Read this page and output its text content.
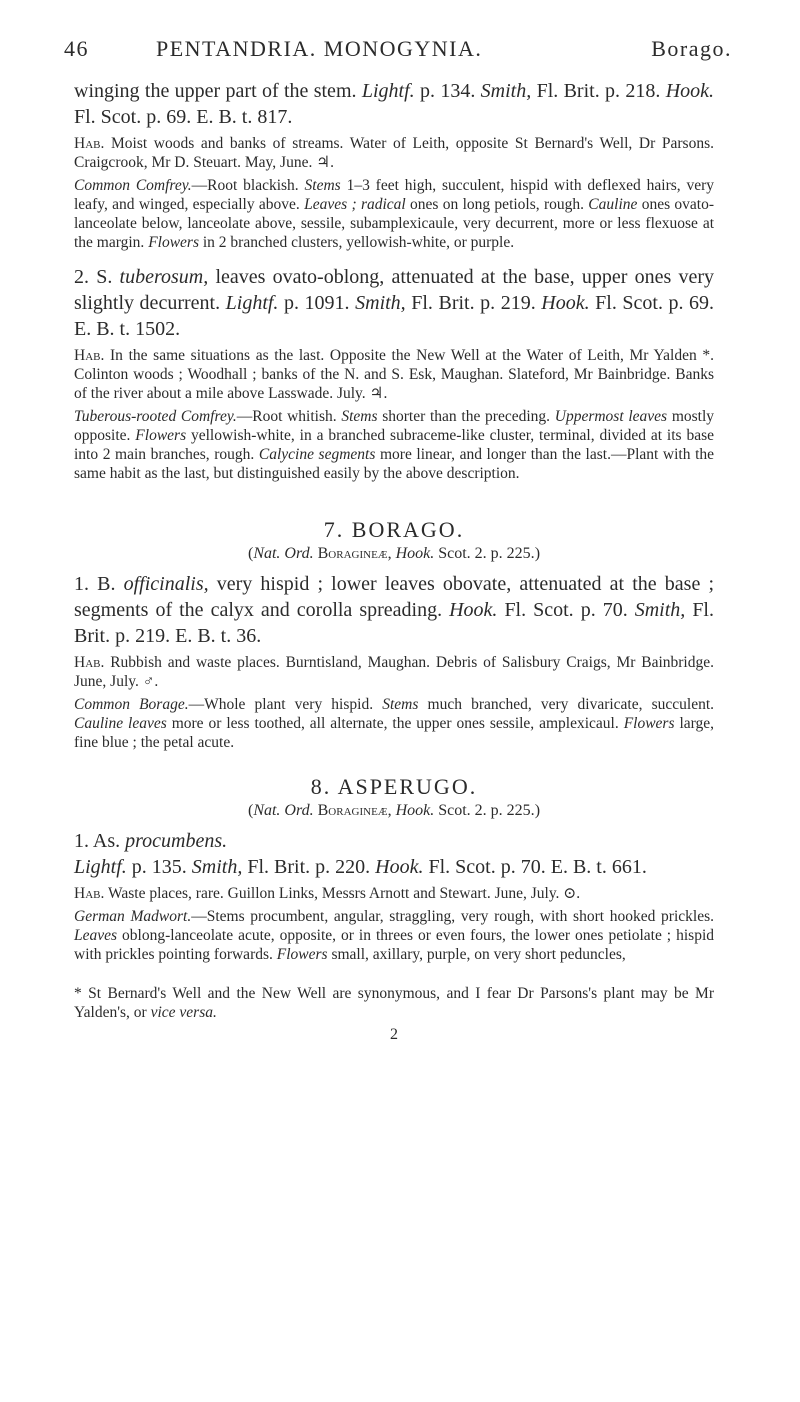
46	PENTANDRIA. MONOGYNIA.	Borago.

winging the upper part of the stem. Lightf. p. 134. Smith, Fl. Brit. p. 218. Hook. Fl. Scot. p. 69. E. B. t. 817.

Hab. Moist woods and banks of streams. Water of Leith, opposite St Bernard's Well, Dr Parsons. Craigcrook, Mr D. Steuart. May, June. ♃.

Common Comfrey.—Root blackish. Stems 1–3 feet high, succulent, hispid with deflexed hairs, very leafy, and winged, especially above. Leaves ; radical ones on long petiols, rough. Cauline ones ovato-lanceolate below, lanceolate above, sessile, subamplexicaule, very decurrent, more or less flexuose at the margin. Flowers in 2 branched clusters, yellowish-white, or purple.

2. S. tuberosum, leaves ovato-oblong, attenuated at the base, upper ones very slightly decurrent. Lightf. p. 1091. Smith, Fl. Brit. p. 219. Hook. Fl. Scot. p. 69. E. B. t. 1502.

Hab. In the same situations as the last. Opposite the New Well at the Water of Leith, Mr Yalden *. Colinton woods ; Woodhall ; banks of the N. and S. Esk, Maughan. Slateford, Mr Bainbridge. Banks of the river about a mile above Lasswade. July. ♃.

Tuberous-rooted Comfrey.—Root whitish. Stems shorter than the preceding. Uppermost leaves mostly opposite. Flowers yellowish-white, in a branched subraceme-like cluster, terminal, divided at its base into 2 main branches, rough. Calycine segments more linear, and longer than the last.—Plant with the same habit as the last, but distinguished easily by the above description.

7. BORAGO.

(Nat. Ord. Boragineæ, Hook. Scot. 2. p. 225.)

1. B. officinalis, very hispid ; lower leaves obovate, attenuated at the base ; segments of the calyx and corolla spreading. Hook. Fl. Scot. p. 70. Smith, Fl. Brit. p. 219. E. B. t. 36.

Hab. Rubbish and waste places. Burntisland, Maughan. Debris of Salisbury Craigs, Mr Bainbridge. June, July. ♂.

Common Borage.—Whole plant very hispid. Stems much branched, very divaricate, succulent. Cauline leaves more or less toothed, all alternate, the upper ones sessile, amplexicaul. Flowers large, fine blue ; the petal acute.

8. ASPERUGO.

(Nat. Ord. Boragineæ, Hook. Scot. 2. p. 225.)

1. As. procumbens.
Lightf. p. 135. Smith, Fl. Brit. p. 220. Hook. Fl. Scot. p. 70. E. B. t. 661.

Hab. Waste places, rare. Guillon Links, Messrs Arnott and Stewart. June, July. ⊙.

German Madwort.—Stems procumbent, angular, straggling, very rough, with short hooked prickles. Leaves oblong-lanceolate acute, opposite, or in threes or even fours, the lower ones petiolate ; hispid with prickles pointing forwards. Flowers small, axillary, purple, on very short peduncles,

* St Bernard's Well and the New Well are synonymous, and I fear Dr Parsons's plant may be Mr Yalden's, or vice versa.

2
